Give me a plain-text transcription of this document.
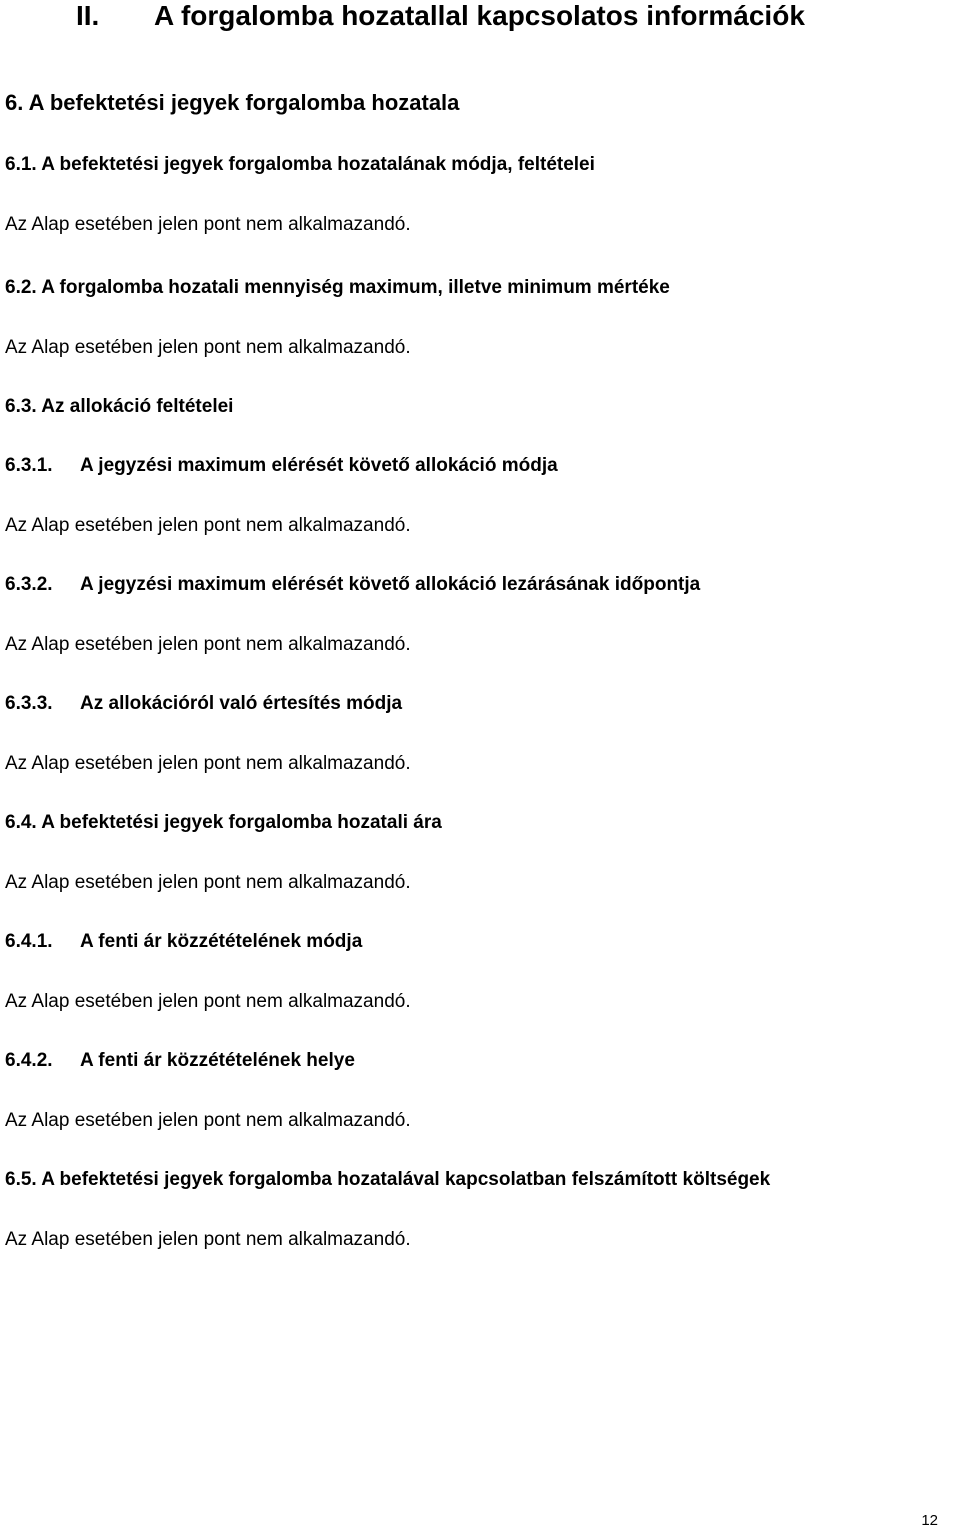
II. A forgalomba hozatallal kapcsolatos információk
6. A befektetési jegyek forgalomba hozatala
6.1. A befektetési jegyek forgalomba hozatalának módja, feltételei
Az Alap esetében jelen pont nem alkalmazandó.
6.2. A forgalomba hozatali mennyiség maximum, illetve minimum mértéke
Az Alap esetében jelen pont nem alkalmazandó.
6.3. Az allokáció feltételei
6.3.1. A jegyzési maximum elérését követő allokáció módja
Az Alap esetében jelen pont nem alkalmazandó.
6.3.2. A jegyzési maximum elérését követő allokáció lezárásának időpontja
Az Alap esetében jelen pont nem alkalmazandó.
6.3.3. Az allokációról való értesítés módja
Az Alap esetében jelen pont nem alkalmazandó.
6.4. A befektetési jegyek forgalomba hozatali ára
Az Alap esetében jelen pont nem alkalmazandó.
6.4.1. A fenti ár közzétételének módja
Az Alap esetében jelen pont nem alkalmazandó.
6.4.2. A fenti ár közzétételének helye
Az Alap esetében jelen pont nem alkalmazandó.
6.5. A befektetési jegyek forgalomba hozatalával kapcsolatban felszámított költségek
Az Alap esetében jelen pont nem alkalmazandó.
12
